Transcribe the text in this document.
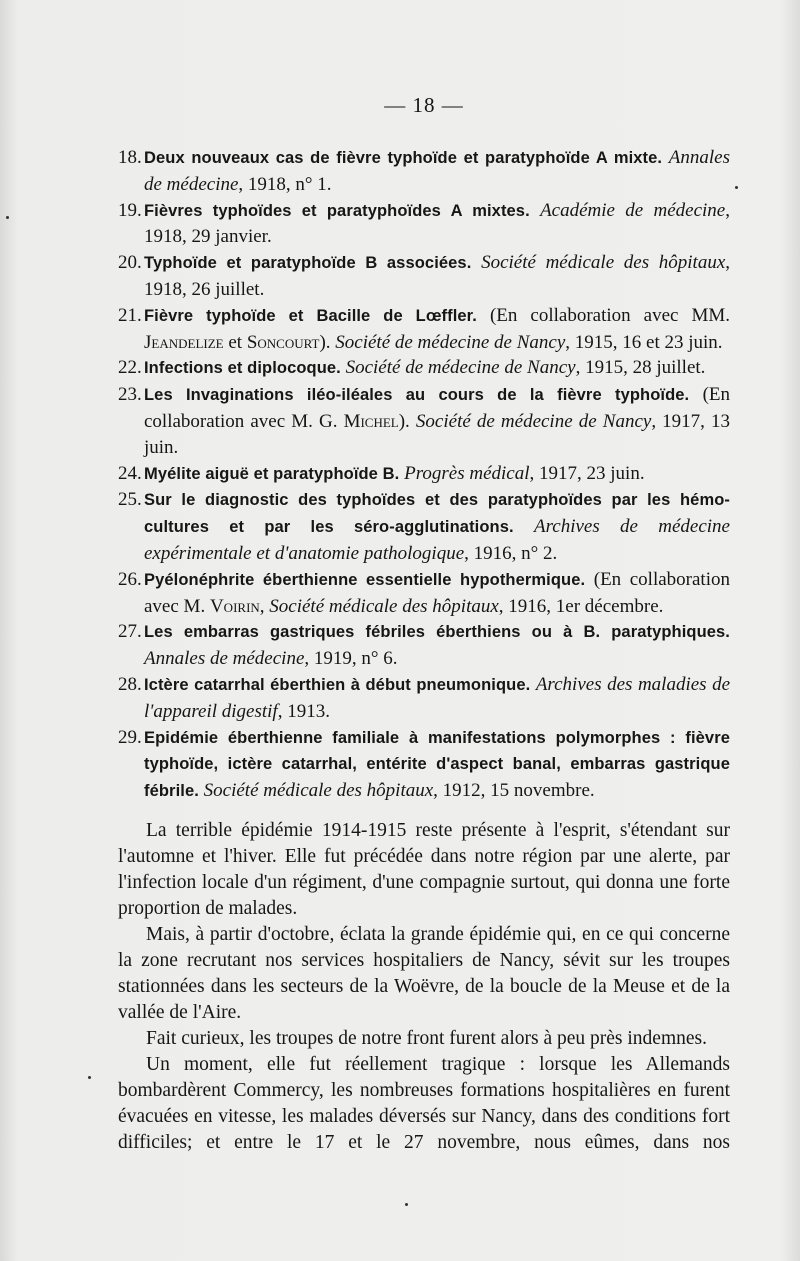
— 18 —
18. Deux nouveaux cas de fièvre typhoïde et paratyphoïde A mixte. Annales de médecine, 1918, n° 1.
19. Fièvres typhoïdes et paratyphoïdes A mixtes. Académie de médecine, 1918, 29 janvier.
20. Typhoïde et paratyphoïde B associées. Société médicale des hôpitaux, 1918, 26 juillet.
21. Fièvre typhoïde et Bacille de Lœffler. (En collaboration avec MM. Jeandelize et Soncourt). Société de médecine de Nancy, 1915, 16 et 23 juin.
22. Infections et diplocoque. Société de médecine de Nancy, 1915, 28 juillet.
23. Les Invaginations iléo-iléales au cours de la fièvre typhoïde. (En collaboration avec M. G. Michel). Société de médecine de Nancy, 1917, 13 juin.
24. Myélite aiguë et paratyphoïde B. Progrès médical, 1917, 23 juin.
25. Sur le diagnostic des typhoïdes et des paratyphoïdes par les hémo-cultures et par les séro-agglutinations. Archives de médecine expérimentale et d'anatomie pathologique, 1916, n° 2.
26. Pyélonéphrite éberthienne essentielle hypothermique. (En collaboration avec M. Voirin, Société médicale des hôpitaux, 1916, 1er décembre.
27. Les embarras gastriques fébriles éberthiens ou à B. paratyphiques. Annales de médecine, 1919, n° 6.
28. Ictère catarrhal éberthien à début pneumonique. Archives des maladies de l'appareil digestif, 1913.
29. Epidémie éberthienne familiale à manifestations polymorphes : fièvre typhoïde, ictère catarrhal, entérite d'aspect banal, embarras gastrique fébrile. Société médicale des hôpitaux, 1912, 15 novembre.

La terrible épidémie 1914-1915 reste présente à l'esprit, s'étendant sur l'automne et l'hiver. Elle fut précédée dans notre région par une alerte, par l'infection locale d'un régiment, d'une compagnie surtout, qui donna une forte proportion de malades.

Mais, à partir d'octobre, éclata la grande épidémie qui, en ce qui concerne la zone recrutant nos services hospitaliers de Nancy, sévit sur les troupes stationnées dans les secteurs de la Woëvre, de la boucle de la Meuse et de la vallée de l'Aire.

Fait curieux, les troupes de notre front furent alors à peu près indemnes.

Un moment, elle fut réellement tragique : lorsque les Allemands bombardèrent Commercy, les nombreuses formations hospitalières en furent évacuées en vitesse, les malades déversés sur Nancy, dans des conditions fort difficiles; et entre le 17 et le 27 novembre, nous eûmes, dans nos
